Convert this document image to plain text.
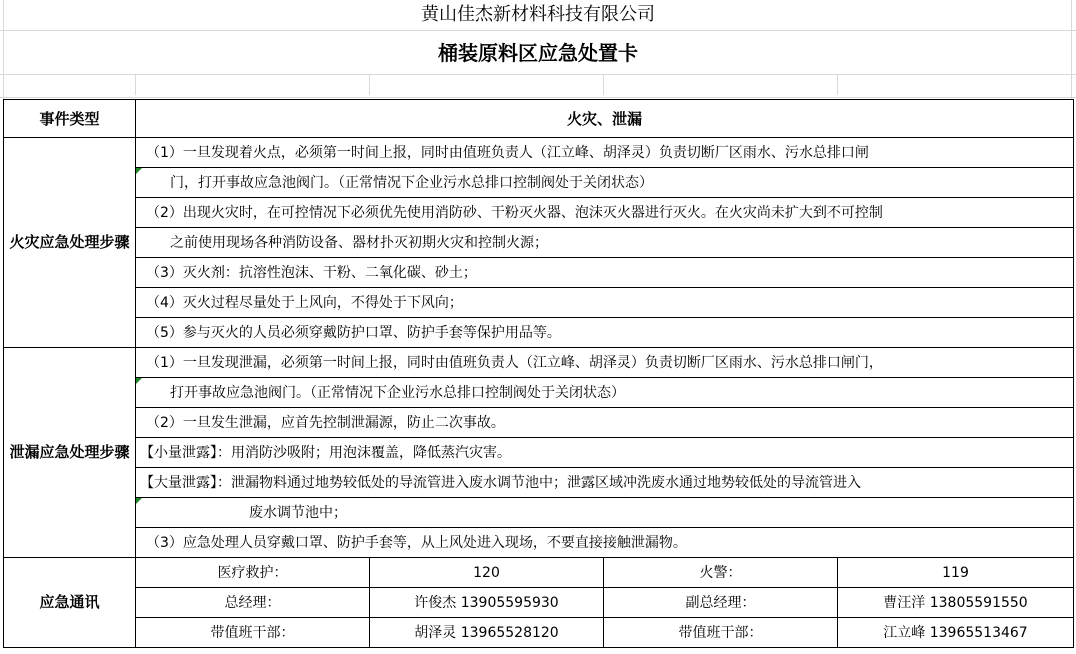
黄山佳杰新材料科技有限公司
桶装原料区应急处置卡
事件类型	火灾、泄漏			
火灾应急处理步骤	（1）一旦发现着火点，必须第一时间上报，同时由值班负责人（江立峰、胡泽灵）负责切断厂区雨水、污水总排口闸			

门，打开事故应急池阀门。（正常情况下企业污水总排口控制阀处于关闭状态）			
	（2）出现火灾时，在可控情况下必须优先使用消防砂、干粉灭火器、泡沫灭火器进行灭火。在火灾尚未扩大到不可控制			
	之前使用现场各种消防设备、器材扑灭初期火灾和控制火源；			
	（3）灭火剂：抗溶性泡沫、干粉、二氧化碳、砂土；			
	（4）灭火过程尽量处于上风向，不得处于下风向；			
	（5）参与灭火的人员必须穿戴防护口罩、防护手套等保护用品等。			
泄漏应急处理步骤	（1）一旦发现泄漏，必须第一时间上报，同时由值班负责人（江立峰、胡泽灵）负责切断厂区雨水、污水总排口闸门，			

打开事故应急池阀门。（正常情况下企业污水总排口控制阀处于关闭状态）			
	（2）一旦发生泄漏，应首先控制泄漏源，防止二次事故。			
	【小量泄露】：用消防沙吸附；用泡沫覆盖，降低蒸汽灾害。			
	【大量泄露】：泄漏物料通过地势较低处的导流管进入废水调节池中；泄露区域冲洗废水通过地势较低处的导流管进入			

废水调节池中；			
	（3）应急处理人员穿戴口罩、防护手套等，从上风处进入现场，不要直接接触泄漏物。			
应急通讯	医疗救护：	120	火警：	119
	总经理：	许俊杰 13905595930	副总经理：	曹汪洋 13805591550
	带值班干部：	胡泽灵 13965528120	带值班干部：	江立峰 13965513467
